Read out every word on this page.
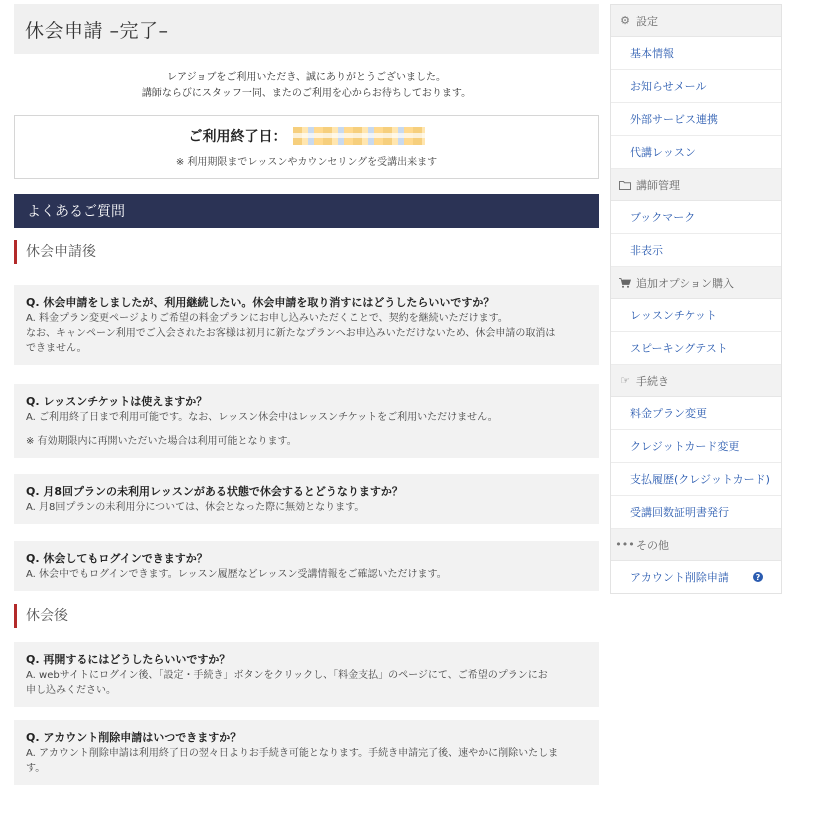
休会申請 –完了–
レアジョブをご利用いただき、誠にありがとうございました。
講師ならびにスタッフ一同、またのご利用を心からお待ちしております。
ご利用終了日：
※ 利用期限までレッスンやカウンセリングを受講出来ます
よくあるご質問
休会申請後
Q. 休会申請をしましたが、利用継続したい。休会申請を取り消すにはどうしたらいいですか？
A. 料金プラン変更ページよりご希望の料金プランにお申し込みいただくことで、契約を継続いただけます。
なお、キャンペーン利用でご入会されたお客様は初月に新たなプランへお申込みいただけないため、休会申請の取消は
できません。
Q. レッスンチケットは使えますか？
A. ご利用終了日まで利用可能です。なお、レッスン休会中はレッスンチケットをご利用いただけません。
※ 有効期限内に再開いただいた場合は利用可能となります。
Q. 月8回プランの未利用レッスンがある状態で休会するとどうなりますか？
A. 月8回プランの未利用分については、休会となった際に無効となります。
Q. 休会してもログインできますか？
A. 休会中でもログインできます。レッスン履歴などレッスン受講情報をご確認いただけます。
休会後
Q. 再開するにはどうしたらいいですか？
A. webサイトにログイン後、「設定・手続き」ボタンをクリックし、「料金支払」のページにて、ご希望のプランにお
申し込みください。
Q. アカウント削除申請はいつできますか？
A. アカウント削除申請は利用終了日の翌々日よりお手続き可能となります。手続き申請完了後、速やかに削除いたしま
す。
⚙ 設定
基本情報
お知らせメール
外部サービス連携
代講レッスン
講師管理
ブックマーク
非表示
追加オプション購入
レッスンチケット
スピーキングテスト
☞ 手続き
料金プラン変更
クレジットカード変更
支払履歴(クレジットカード)
受講回数証明書発行
••• その他
アカウント削除申請	?
